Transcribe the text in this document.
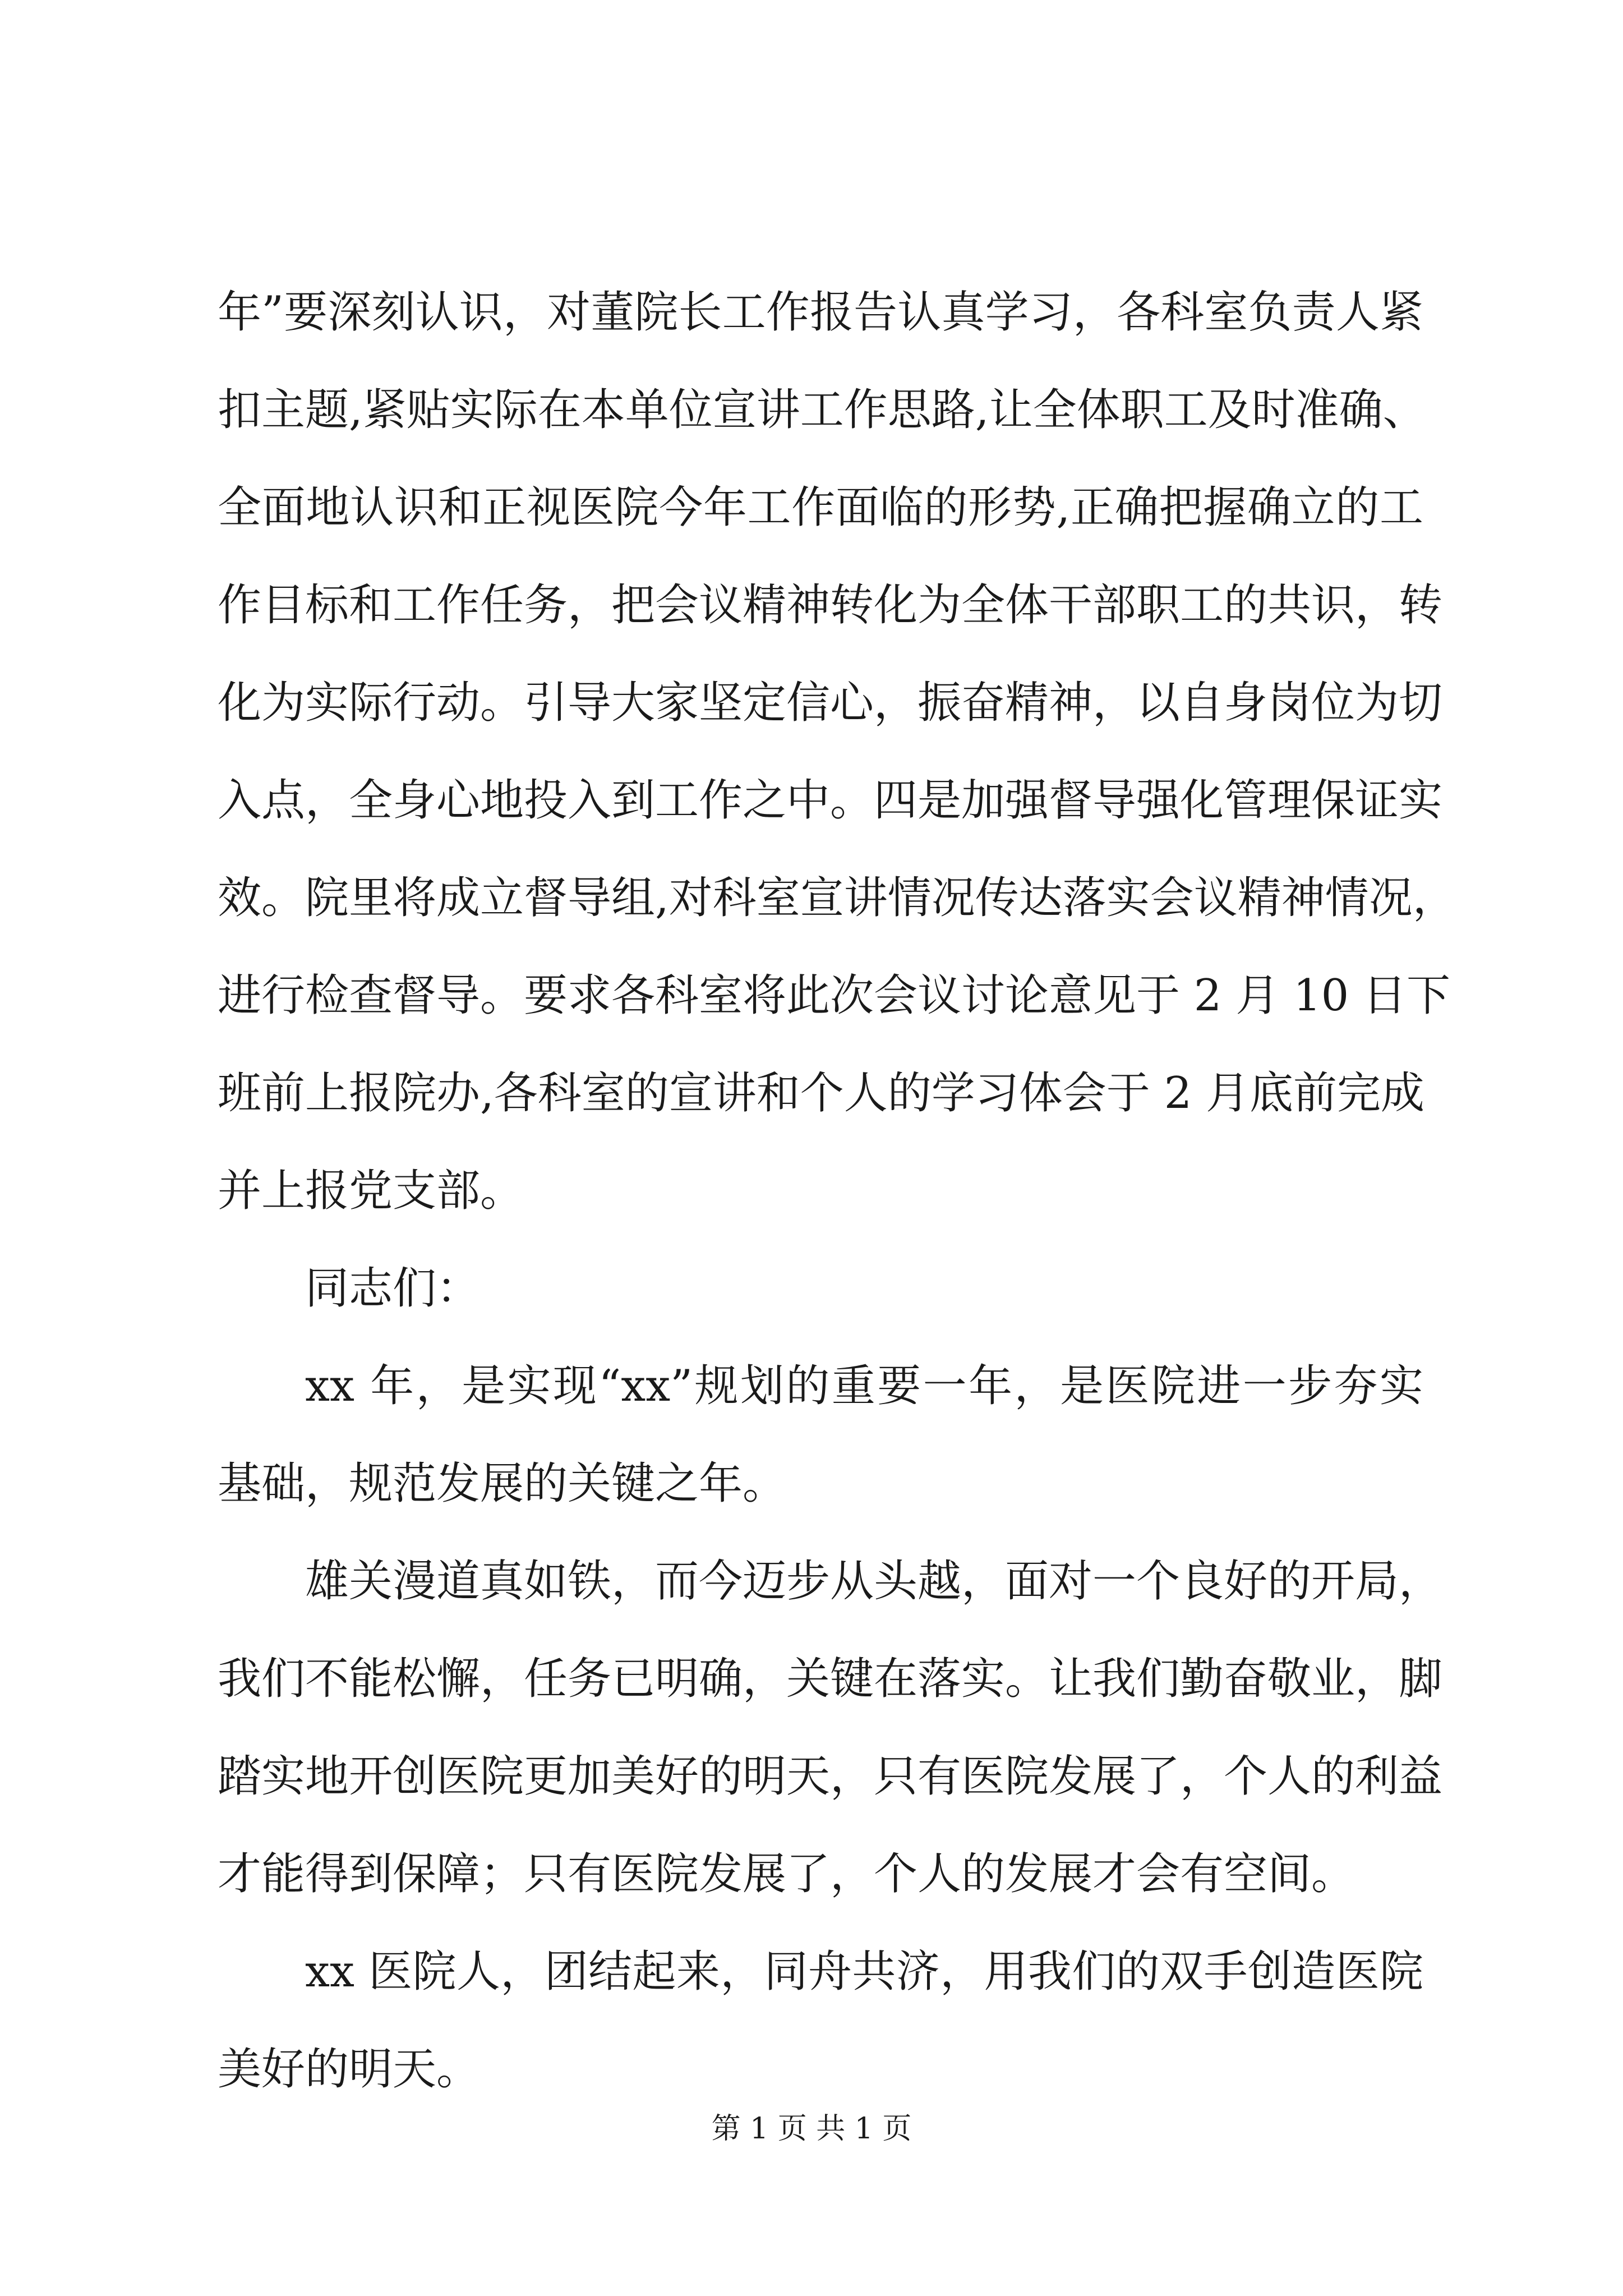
年”要深刻认识，对董院长工作报告认真学习，各科室负责人紧
扣主题,紧贴实际在本单位宣讲工作思路,让全体职工及时准确、
全面地认识和正视医院今年工作面临的形势,正确把握确立的工
作目标和工作任务，把会议精神转化为全体干部职工的共识，转
化为实际行动。引导大家坚定信心，振奋精神，以自身岗位为切
入点，全身心地投入到工作之中。四是加强督导强化管理保证实
效。院里将成立督导组,对科室宣讲情况传达落实会议精神情况，
进行检查督导。要求各科室将此次会议讨论意见于 2 月 10 日下
班前上报院办,各科室的宣讲和个人的学习体会于 2 月底前完成
并上报党支部。
同志们：
xx 年，是实现“xx”规划的重要一年，是医院进一步夯实
基础，规范发展的关键之年。
雄关漫道真如铁，而今迈步从头越，面对一个良好的开局，
我们不能松懈，任务已明确，关键在落实。让我们勤奋敬业，脚
踏实地开创医院更加美好的明天，只有医院发展了，个人的利益
才能得到保障；只有医院发展了，个人的发展才会有空间。
xx 医院人，团结起来，同舟共济，用我们的双手创造医院
美好的明天。
第 1 页 共 1 页
